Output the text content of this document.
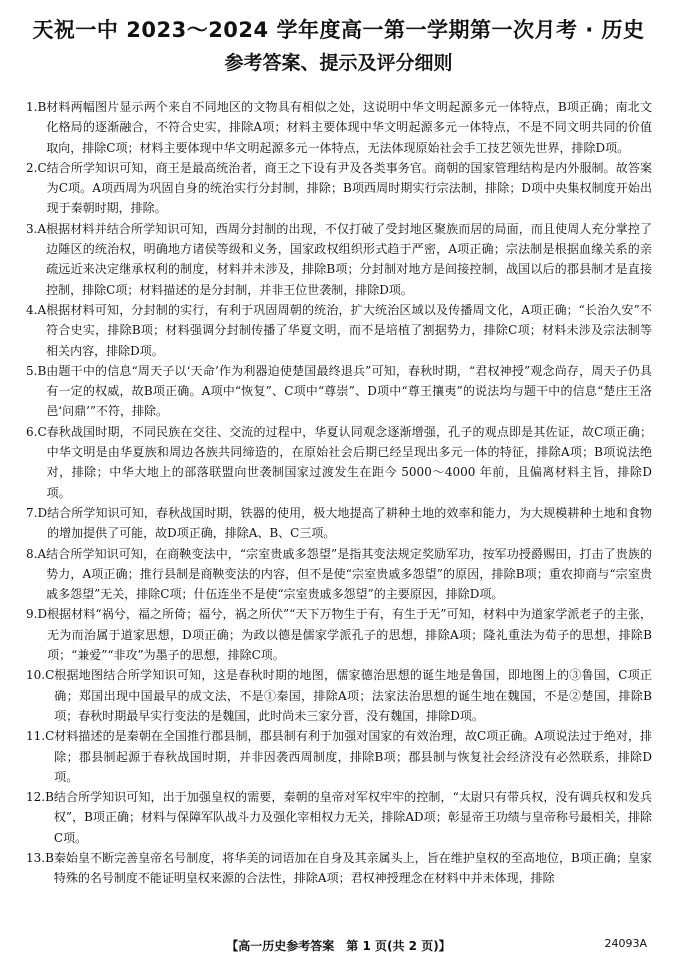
天祝一中 2023～2024 学年度高一第一学期第一次月考 · 历史
参考答案、提示及评分细则
1.B 材料两幅图片显示两个来自不同地区的文物具有相似之处，这说明中华文明起源多元一体特点，B项正确；南北文化格局的逐渐融合，不符合史实，排除A项；材料主要体现中华文明起源多元一体特点，不是不同文明共同的价值取向，排除C项；材料主要体现中华文明起源多元一体特点，无法体现原始社会手工技艺领先世界，排除D项。
2.C 结合所学知识可知，商王是最高统治者，商王之下设有尹及各类事务官。商朝的国家管理结构是内外服制。故答案为C项。A项西周为巩固自身的统治实行分封制，排除；B项西周时期实行宗法制，排除；D项中央集权制度开始出现于秦朝时期，排除。
3.A 根据材料并结合所学知识可知，西周分封制的出现，不仅打破了受封地区聚族而居的局面，而且使周人充分掌控了边陲区的统治权，明确地方诸侯等级和义务，国家政权组织形式趋于严密，A项正确；宗法制是根据血缘关系的亲疏远近来决定继承权利的制度，材料并未涉及，排除B项；分封制对地方是间接控制，战国以后的郡县制才是直接控制，排除C项；材料描述的是分封制，并非王位世袭制，排除D项。
4.A 根据材料可知，分封制的实行，有利于巩固周朝的统治，扩大统治区域以及传播周文化，A项正确；“长治久安”不符合史实，排除B项；材料强调分封制传播了华夏文明，而不是培植了割据势力，排除C项；材料未涉及宗法制等相关内容，排除D项。
5.B 由题干中的信息“周天子以‘天命’作为利器迫使楚国最终退兵”可知，春秋时期，“君权神授”观念尚存，周天子仍具有一定的权威，故B项正确。A项中“恢复”、C项中“尊崇”、D项中“尊王攘夷”的说法均与题干中的信息“楚庄王洛邑‘问鼎’”不符，排除。
6.C 春秋战国时期，不同民族在交往、交流的过程中，华夏认同观念逐渐增强，孔子的观点即是其佐证，故C项正确；中华文明是由华夏族和周边各族共同缔造的，在原始社会后期已经呈现出多元一体的特征，排除A项；B项说法绝对，排除；中华大地上的部落联盟向世袭制国家过渡发生在距今 5000～4000 年前，且偏离材料主旨，排除D项。
7.D 结合所学知识可知，春秋战国时期，铁器的使用，极大地提高了耕种土地的效率和能力，为大规模耕种土地和食物的增加提供了可能，故D项正确，排除A、B、C三项。
8.A 结合所学知识可知，在商鞅变法中，“宗室贵戚多怨望”是指其变法规定奖励军功，按军功授爵赐田，打击了贵族的势力，A项正确；推行县制是商鞅变法的内容，但不是使“宗室贵戚多怨望”的原因，排除B项；重农抑商与“宗室贵戚多怨望”无关，排除C项；什伍连坐不是使“宗室贵戚多怨望”的主要原因，排除D项。
9.D 根据材料“祸兮，福之所倚；福兮，祸之所伏”“天下万物生于有，有生于无”可知，材料中为道家学派老子的主张，无为而治属于道家思想，D项正确；为政以德是儒家学派孔子的思想，排除A项；隆礼重法为荀子的思想，排除B项；“兼爱”“非攻”为墨子的思想，排除C项。
10.C 根据地图结合所学知识可知，这是春秋时期的地图，儒家德治思想的诞生地是鲁国，即地图上的③鲁国，C项正确；郑国出现中国最早的成文法，不是①秦国，排除A项；法家法治思想的诞生地在魏国，不是②楚国，排除B项；春秋时期最早实行变法的是魏国，此时尚未三家分晋，没有魏国，排除D项。
11.C 材料描述的是秦朝在全国推行郡县制，郡县制有利于加强对国家的有效治理，故C项正确。A项说法过于绝对，排除；郡县制起源于春秋战国时期，并非因袭西周制度，排除B项；郡县制与恢复社会经济没有必然联系，排除D项。
12.B 结合所学知识可知，出于加强皇权的需要，秦朝的皇帝对军权牢牢的控制，“太尉只有带兵权，没有调兵权和发兵权”，B项正确；材料与保障军队战斗力及强化宰相权力无关，排除AD项；彰显帝王功绩与皇帝称号最相关，排除C项。
13.B 秦始皇不断完善皇帝名号制度，将华美的词语加在自身及其亲属头上，旨在维护皇权的至高地位，B项正确；皇家特殊的名号制度不能证明皇权来源的合法性，排除A项；君权神授理念在材料中并未体现，排除
【高一历史参考答案　第 1 页(共 2 页)】	24093A
